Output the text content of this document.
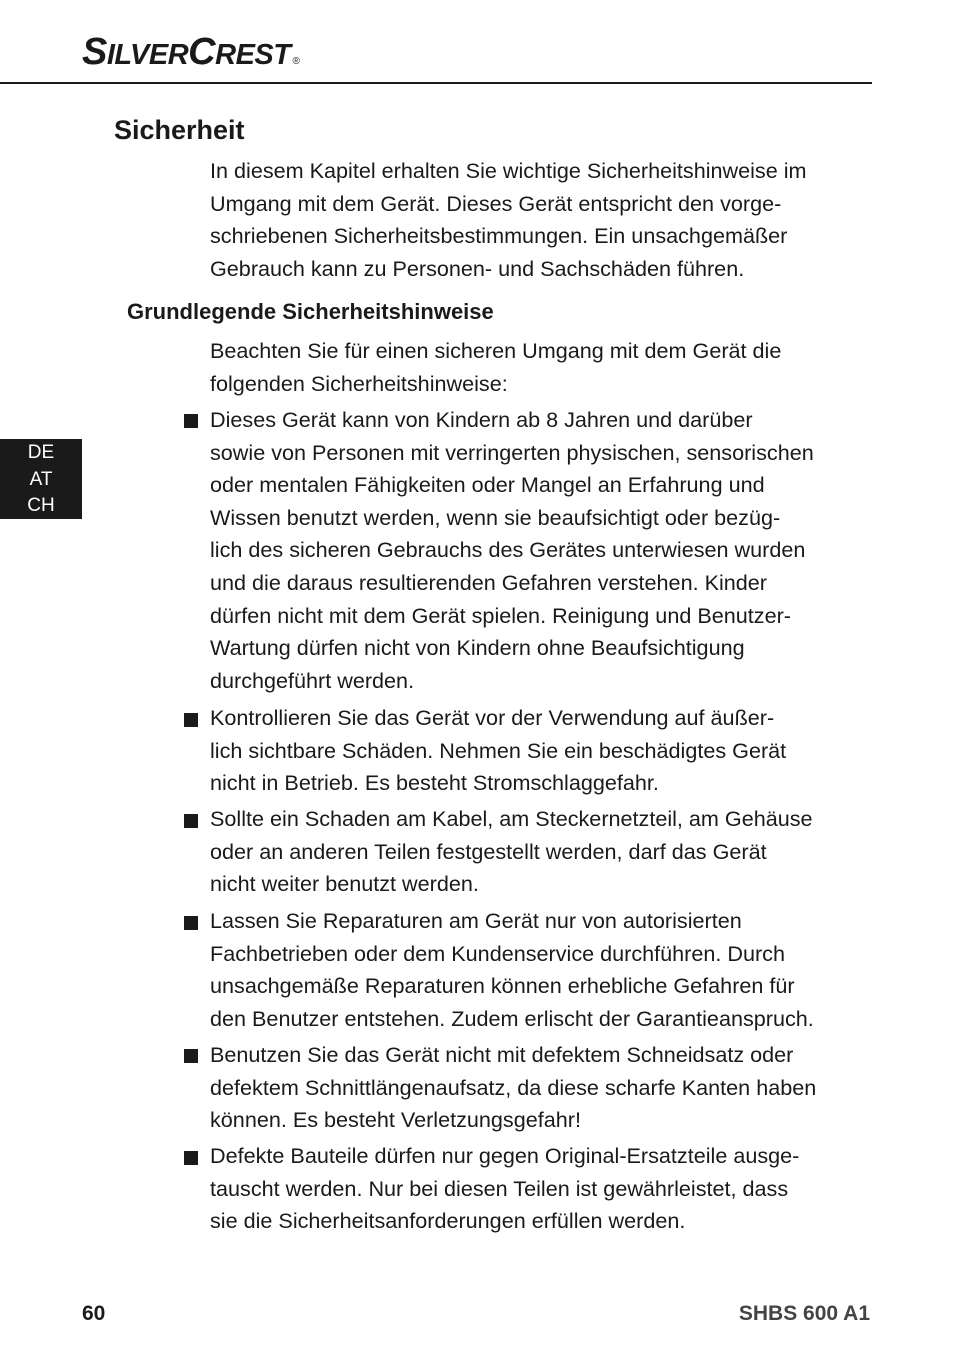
SILVERCREST ®
Sicherheit
In diesem Kapitel erhalten Sie wichtige Sicherheitshinweise im
Umgang mit dem Gerät. Dieses Gerät entspricht den vorge-
schriebenen Sicherheitsbestimmungen. Ein unsachgemäßer
Gebrauch kann zu Personen- und Sachschäden führen.
Grundlegende Sicherheitshinweise
Beachten Sie für einen sicheren Umgang mit dem Gerät die
folgenden Sicherheitshinweise:
Dieses Gerät kann von Kindern ab 8 Jahren und darüber
sowie von Personen mit verringerten physischen, sensorischen
oder mentalen Fähigkeiten oder Mangel an Erfahrung und
Wissen benutzt werden, wenn sie beaufsichtigt oder bezüg-
lich des sicheren Gebrauchs des Gerätes unterwiesen wurden
und die daraus resultierenden Gefahren verstehen. Kinder
dürfen nicht mit dem Gerät spielen. Reinigung und Benutzer-
Wartung dürfen nicht von Kindern ohne Beaufsichtigung
durchgeführt werden.
Kontrollieren Sie das Gerät vor der Verwendung auf äußer-
lich sichtbare Schäden. Nehmen Sie ein beschädigtes Gerät
nicht in Betrieb. Es besteht Stromschlaggefahr.
Sollte ein Schaden am Kabel, am Steckernetzteil, am Gehäuse
oder an anderen Teilen festgestellt werden, darf das Gerät
nicht weiter benutzt werden.
Lassen Sie Reparaturen am Gerät nur von autorisierten
Fachbetrieben oder dem Kundenservice durchführen. Durch
unsachgemäße Reparaturen können erhebliche Gefahren für
den Benutzer entstehen. Zudem erlischt der Garantieanspruch.
Benutzen Sie das Gerät nicht mit defektem Schneidsatz oder
defektem Schnittlängenaufsatz, da diese scharfe Kanten haben
können. Es besteht Verletzungsgefahr!
Defekte Bauteile dürfen nur gegen Original-Ersatzteile ausge-
tauscht werden. Nur bei diesen Teilen ist gewährleistet, dass
sie die Sicherheitsanforderungen erfüllen werden.
DE
AT
CH
60	SHBS 600 A1
